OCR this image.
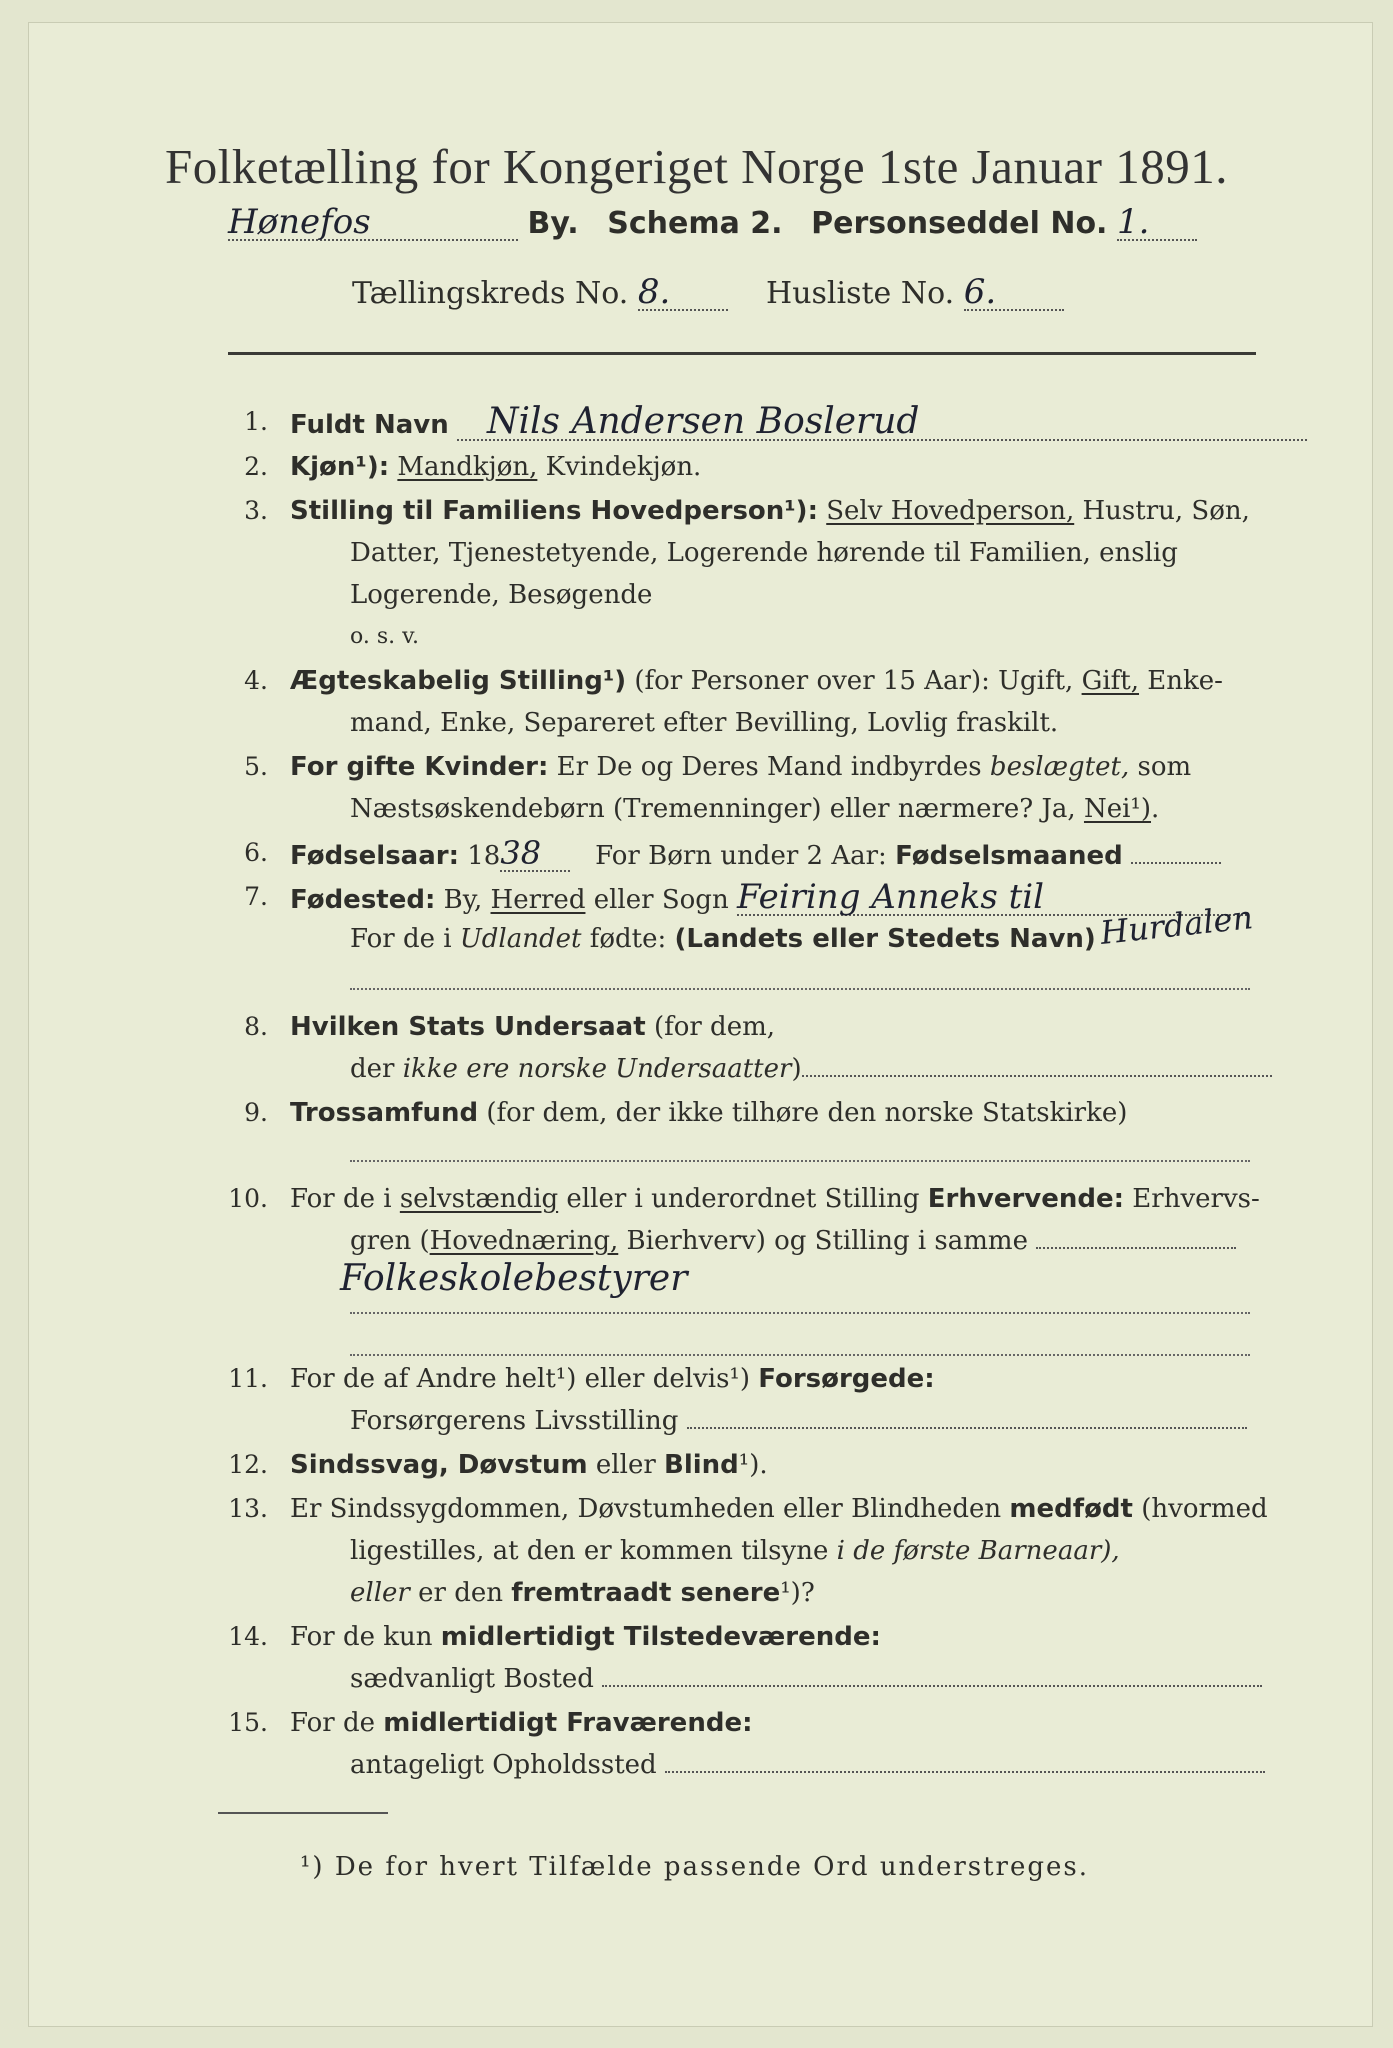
Folketælling for Kongeriget Norge 1ste Januar 1891.
Hønefos	By. Schema 2. Personseddel No. 1.
Tællingskreds No. 8.	Husliste No. 6.
1. Fuldt Navn Nils Andersen Boslerud
2. Kjøn¹): Mandkjøn, Kvindekjøn.
3. Stilling til Familiens Hovedperson¹): Selv Hovedperson, Hustru, Søn,
Datter, Tjenestetyende, Logerende hørende til Familien, enslig
Logerende, Besøgende
o. s. v.
4. Ægteskabelig Stilling¹) (for Personer over 15 Aar): Ugift, Gift, Enke-
mand, Enke, Separeret efter Bevilling, Lovlig fraskilt.
5. For gifte Kvinder: Er De og Deres Mand indbyrdes beslægtet, som
Næstsøskendebørn (Tremenninger) eller nærmere? Ja, Nei¹).
6. Fødselsaar: 1838 For Børn under 2 Aar: Fødselsmaaned
7. Fødested: By, Herred eller Sogn Feiring Anneks til
For de i Udlandet fødte: (Landets eller Stedets Navn) Hurdalen
8. Hvilken Stats Undersaat (for dem,
der ikke ere norske Undersaatter)
9. Trossamfund (for dem, der ikke tilhøre den norske Statskirke)
10. For de i selvstændig eller i underordnet Stilling Erhvervende: Erhvervs-
gren (Hovednæring, Bierhverv) og Stilling i samme
Folkeskolebestyrer
11. For de af Andre helt¹) eller delvis¹) Forsørgede:
Forsørgerens Livsstilling
12. Sindssvag, Døvstum eller Blind¹).
13. Er Sindssygdommen, Døvstumheden eller Blindheden medfødt (hvormed
ligestilles, at den er kommen tilsyne i de første Barneaar),
eller er den fremtraadt senere¹)?
14. For de kun midlertidigt Tilstedeværende:
sædvanligt Bosted
15. For de midlertidigt Fraværende:
antageligt Opholdssted
¹) De for hvert Tilfælde passende Ord understreges.
